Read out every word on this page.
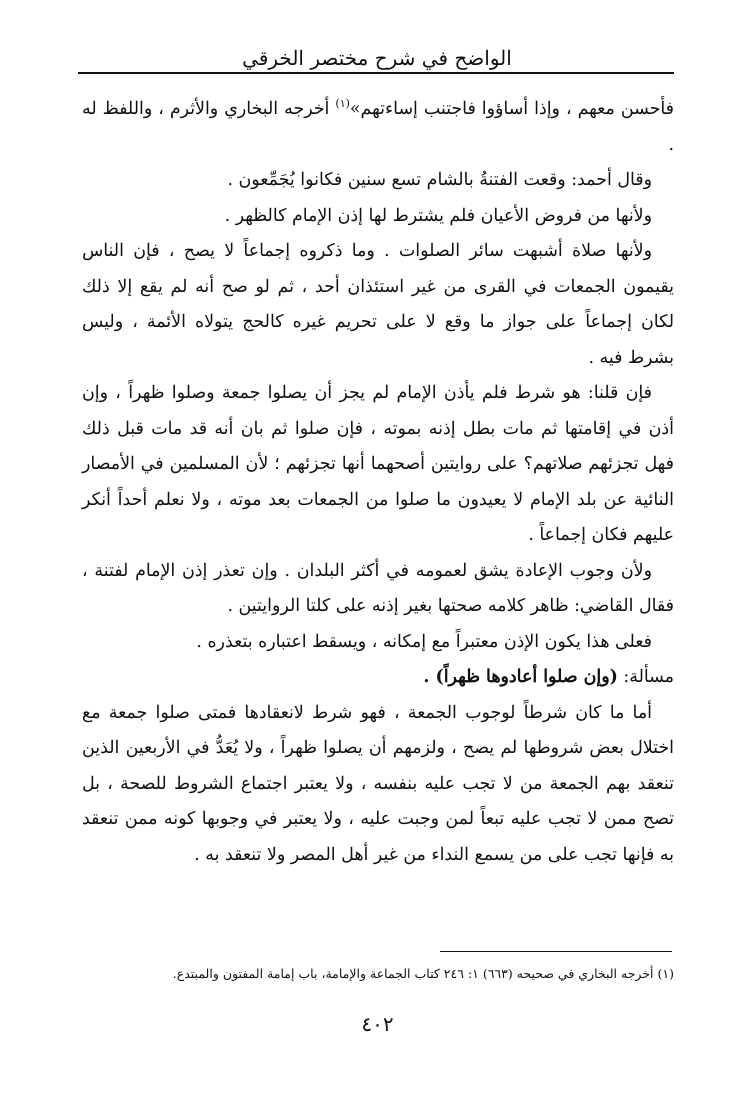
الواضح في شرح مختصر الخرقي

فأحسن معهم ، وإذا أساؤوا فاجتنب إساءتهم»$^{(١)}$ أخرجه البخاري والأثرم ، واللفظ له .

وقال أحمد: وقعت الفتنةُ بالشام تسع سنين فكانوا يُجَمِّعون .

ولأنها من فروض الأعيان فلم يشترط لها إذن الإمام كالظهر .

ولأنها صلاة أشبهت سائر الصلوات . وما ذكروه إجماعاً لا يصح ، فإن الناس يقيمون الجمعات في القرى من غير استئذان أحد ، ثم لو صح أنه لم يقع إلا ذلك لكان إجماعاً على جواز ما وقع لا على تحريم غيره كالحج يتولاه الأئمة ، وليس بشرط فيه .

فإن قلنا: هو شرط فلم يأذن الإمام لم يجز أن يصلوا جمعة وصلوا ظهراً ، وإن أذن في إقامتها ثم مات بطل إذنه بموته ، فإن صلوا ثم بان أنه قد مات قبل ذلك فهل تجزئهم صلاتهم؟ على روايتين أصحهما أنها تجزئهم ؛ لأن المسلمين في الأمصار النائية عن بلد الإمام لا يعيدون ما صلوا من الجمعات بعد موته ، ولا نعلم أحداً أنكر عليهم فكان إجماعاً .

ولأن وجوب الإعادة يشق لعمومه في أكثر البلدان . وإن تعذر إذن الإمام لفتنة ، فقال القاضي: ظاهر كلامه صحتها بغير إذنه على كلتا الروايتين .

فعلى هذا يكون الإذن معتبراً مع إمكانه ، ويسقط اعتباره بتعذره .

مسألة: (وإن صلوا أعادوها ظهراً) .

أما ما كان شرطاً لوجوب الجمعة ، فهو شرط لانعقادها فمتى صلوا جمعة مع اختلال بعض شروطها لم يصح ، ولزمهم أن يصلوا ظهراً ، ولا يُعَدُّ في الأربعين الذين تنعقد بهم الجمعة من لا تجب عليه بنفسه ، ولا يعتبر اجتماع الشروط للصحة ، بل تصح ممن لا تجب عليه تبعاً لمن وجبت عليه ، ولا يعتبر في وجوبها كونه ممن تنعقد به فإنها تجب على من يسمع النداء من غير أهل المصر ولا تنعقد به .

(١) أخرجه البخاري في صحيحه (٦٦٣) ١: ٢٤٦ كتاب الجماعة والإمامة، باب إمامة المفتون والمبتدع.
٤٠٢
